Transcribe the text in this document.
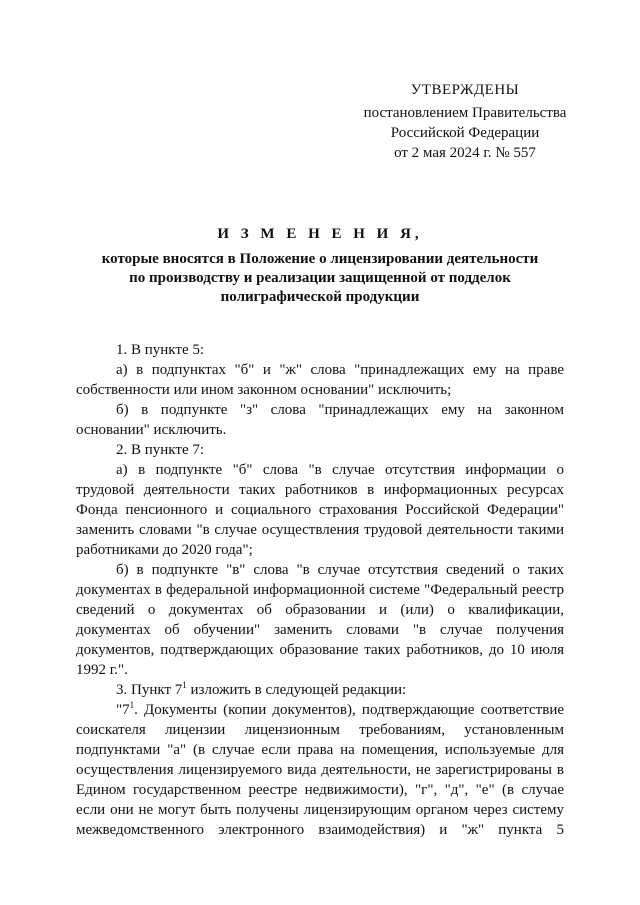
УТВЕРЖДЕНЫ
постановлением Правительства
Российской Федерации
от 2 мая 2024 г. № 557
И З М Е Н Е Н И Я,
которые вносятся в Положение о лицензировании деятельности
по производству и реализации защищенной от подделок
полиграфической продукции

1. В пункте 5:

а) в подпунктах "б" и "ж" слова "принадлежащих ему на праве собственности или ином законном основании" исключить;

б) в подпункте "з" слова "принадлежащих ему на законном основании" исключить.

2. В пункте 7:

а) в подпункте "б" слова "в случае отсутствия информации о трудовой деятельности таких работников в информационных ресурсах Фонда пенсионного и социального страхования Российской Федерации" заменить словами "в случае осуществления трудовой деятельности такими работниками до 2020 года";

б) в подпункте "в" слова "в случае отсутствия сведений о таких документах в федеральной информационной системе "Федеральный реестр сведений о документах об образовании и (или) о квалификации, документах об обучении" заменить словами "в случае получения документов, подтверждающих образование таких работников, до 10 июля 1992 г.".

3. Пункт $7^1$ изложить в следующей редакции:

"$7^1$. Документы (копии документов), подтверждающие соответствие соискателя лицензии лицензионным требованиям, установленным подпунктами "а" (в случае если права на помещения, используемые для осуществления лицензируемого вида деятельности, не зарегистрированы в Едином государственном реестре недвижимости), "г", "д", "е" (в случае если они не могут быть получены лицензирующим органом через систему межведомственного электронного взаимодействия) и "ж" пункта 5
